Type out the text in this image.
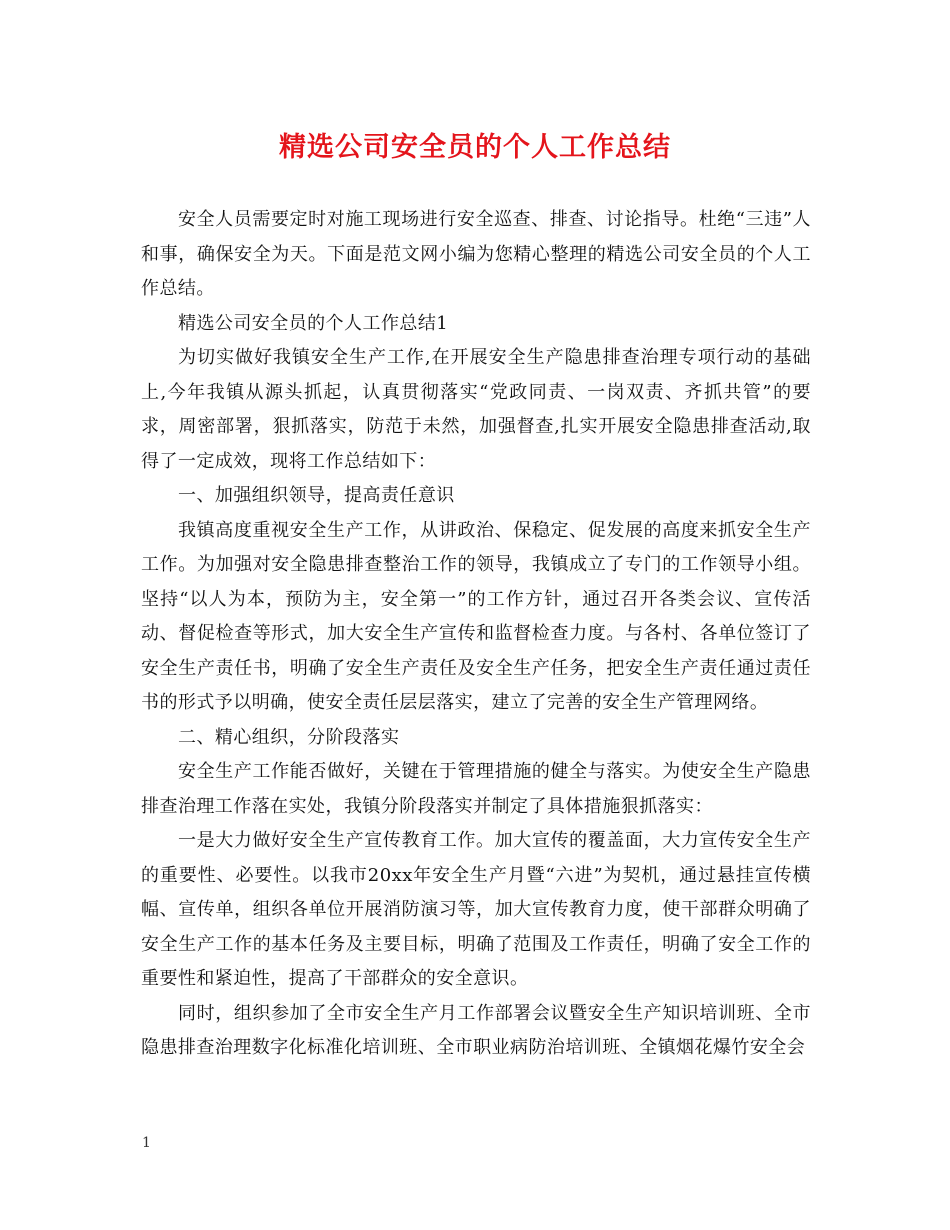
精选公司安全员的个人工作总结

安全人员需要定时对施工现场进行安全巡查、排查、讨论指导。杜绝“三违”人和事，确保安全为天。下面是范文网小编为您精心整理的精选公司安全员的个人工作总结。

精选公司安全员的个人工作总结1

为切实做好我镇安全生产工作,在开展安全生产隐患排查治理专项行动的基础上,今年我镇从源头抓起，认真贯彻落实“党政同责、一岗双责、齐抓共管”的要求，周密部署，狠抓落实，防范于未然，加强督查,扎实开展安全隐患排查活动,取得了一定成效，现将工作总结如下：

一、加强组织领导，提高责任意识

我镇高度重视安全生产工作，从讲政治、保稳定、促发展的高度来抓安全生产工作。为加强对安全隐患排查整治工作的领导，我镇成立了专门的工作领导小组。坚持“以人为本，预防为主，安全第一”的工作方针，通过召开各类会议、宣传活动、督促检查等形式，加大安全生产宣传和监督检查力度。与各村、各单位签订了安全生产责任书，明确了安全生产责任及安全生产任务，把安全生产责任通过责任书的形式予以明确，使安全责任层层落实，建立了完善的安全生产管理网络。

二、精心组织，分阶段落实

安全生产工作能否做好，关键在于管理措施的健全与落实。为使安全生产隐患排查治理工作落在实处，我镇分阶段落实并制定了具体措施狠抓落实：

一是大力做好安全生产宣传教育工作。加大宣传的覆盖面，大力宣传安全生产的重要性、必要性。以我市20xx年安全生产月暨“六进”为契机，通过悬挂宣传横幅、宣传单，组织各单位开展消防演习等，加大宣传教育力度，使干部群众明确了安全生产工作的基本任务及主要目标，明确了范围及工作责任，明确了安全工作的重要性和紧迫性，提高了干部群众的安全意识。

同时，组织参加了全市安全生产月工作部署会议暨安全生产知识培训班、全市隐患排查治理数字化标准化培训班、全市职业病防治培训班、全镇烟花爆竹安全会

1
